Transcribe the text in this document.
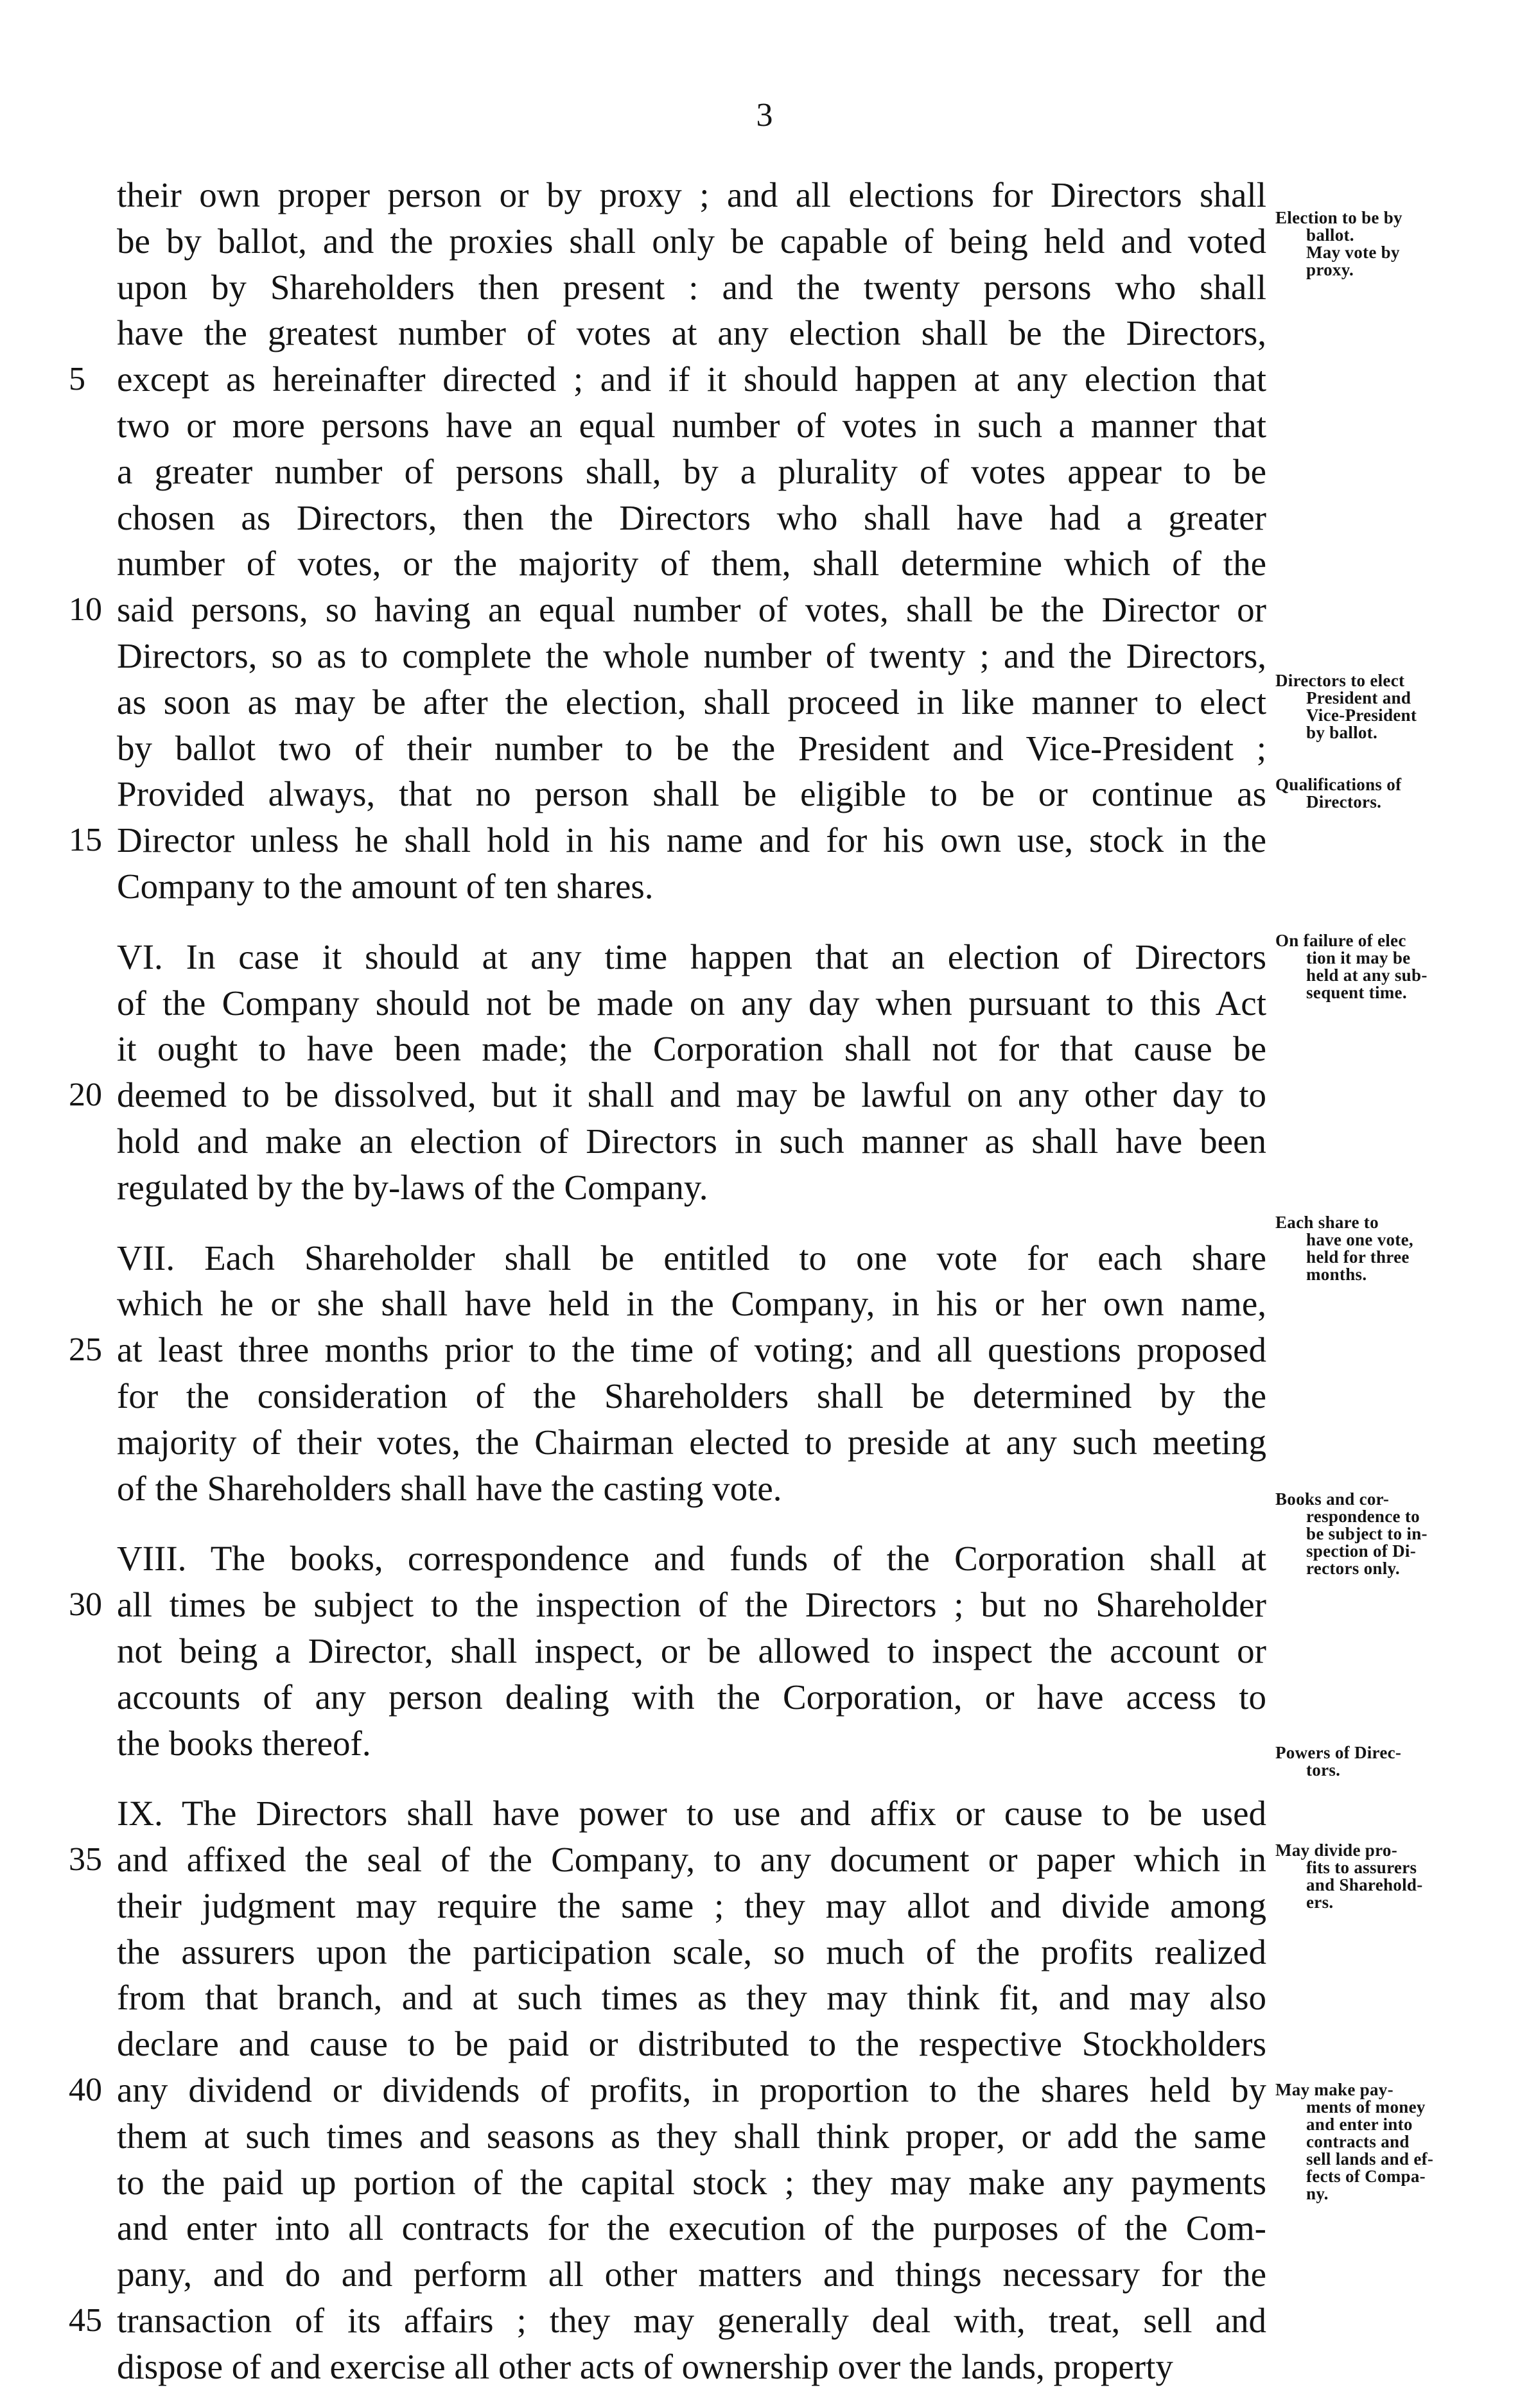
3
their own proper person or by proxy ; and all elections for Directors shall
be by ballot, and the proxies shall only be capable of being held and voted
upon by Shareholders then present : and the twenty persons who shall
have the greatest number of votes at any election shall be the Directors,
5 except as hereinafter directed ; and if it should happen at any election that
two or more persons have an equal number of votes in such a manner that
a greater number of persons shall, by a plurality of votes appear to be
chosen as Directors, then the Directors who shall have had a greater
number of votes, or the majority of them, shall determine which of the
10 said persons, so having an equal number of votes, shall be the Director or
Directors, so as to complete the whole number of twenty ; and the Directors,
as soon as may be after the election, shall proceed in like manner to elect
by ballot two of their number to be the President and Vice-President ;
Provided always, that no person shall be eligible to be or continue as
15 Director unless he shall hold in his name and for his own use, stock in the
Company to the amount of ten shares.
VI. In case it should at any time happen that an election of Directors
of the Company should not be made on any day when pursuant to this Act
it ought to have been made; the Corporation shall not for that cause be
20 deemed to be dissolved, but it shall and may be lawful on any other day to
hold and make an election of Directors in such manner as shall have been
regulated by the by-laws of the Company.
VII. Each Shareholder shall be entitled to one vote for each share
which he or she shall have held in the Company, in his or her own name,
25 at least three months prior to the time of voting; and all questions proposed
for the consideration of the Shareholders shall be determined by the
majority of their votes, the Chairman elected to preside at any such meeting
of the Shareholders shall have the casting vote.
VIII. The books, correspondence and funds of the Corporation shall at
30 all times be subject to the inspection of the Directors ; but no Shareholder
not being a Director, shall inspect, or be allowed to inspect the account or
accounts of any person dealing with the Corporation, or have access to
the books thereof.
IX. The Directors shall have power to use and affix or cause to be used
35 and affixed the seal of the Company, to any document or paper which in
their judgment may require the same ; they may allot and divide among
the assurers upon the participation scale, so much of the profits realized
from that branch, and at such times as they may think fit, and may also
declare and cause to be paid or distributed to the respective Stockholders
40 any dividend or dividends of profits, in proportion to the shares held by
them at such times and seasons as they shall think proper, or add the same
to the paid up portion of the capital stock ; they may make any payments
and enter into all contracts for the execution of the purposes of the Com-
pany, and do and perform all other matters and things necessary for the
45 transaction of its affairs ; they may generally deal with, treat, sell and
dispose of and exercise all other acts of ownership over the lands, property
Election to be by
ballot.
May vote by
proxy.
Directors to elect
President and
Vice-President
by ballot.
Qualifications of
Directors.
On failure of elec
tion it may be
held at any sub-
sequent time.
Each share to
have one vote,
held for three
months.
Books and cor-
respondence to
be subject to in-
spection of Di-
rectors only.
Powers of Direc-
tors.
May divide pro-
fits to assurers
and Sharehold-
ers.
May make pay-
ments of money
and enter into
contracts and
sell lands and ef-
fects of Compa-
ny.
